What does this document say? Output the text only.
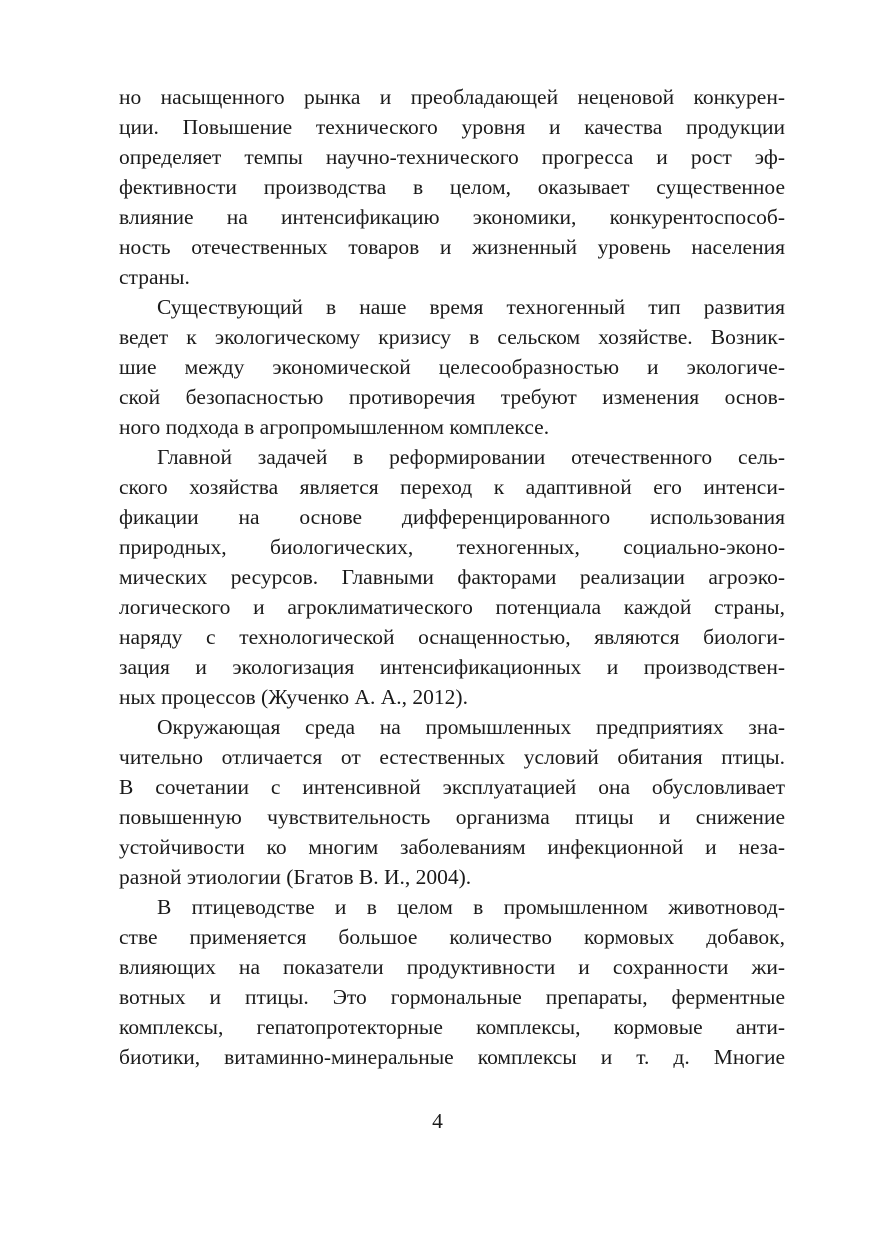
но насыщенного рынка и преобладающей неценовой конкурен-
ции. Повышение технического уровня и качества продукции
определяет темпы научно-технического прогресса и рост эф-
фективности производства в целом, оказывает существенное
влияние на интенсификацию экономики, конкурентоспособ-
ность отечественных товаров и жизненный уровень населения
страны.
Существующий в наше время техногенный тип развития
ведет к экологическому кризису в сельском хозяйстве. Возник-
шие между экономической целесообразностью и экологиче-
ской безопасностью противоречия требуют изменения основ-
ного подхода в агропромышленном комплексе.
Главной задачей в реформировании отечественного сель-
ского хозяйства является переход к адаптивной его интенси-
фикации на основе дифференцированного использования
природных, биологических, техногенных, социально-эконо-
мических ресурсов. Главными факторами реализации агроэко-
логического и агроклиматического потенциала каждой страны,
наряду с технологической оснащенностью, являются биологи-
зация и экологизация интенсификационных и производствен-
ных процессов (Жученко А. А., 2012).
Окружающая среда на промышленных предприятиях зна-
чительно отличается от естественных условий обитания птицы.
В сочетании с интенсивной эксплуатацией она обусловливает
повышенную чувствительность организма птицы и снижение
устойчивости ко многим заболеваниям инфекционной и неза-
разной этиологии (Бгатов В. И., 2004).
В птицеводстве и в целом в промышленном животновод-
стве применяется большое количество кормовых добавок,
влияющих на показатели продуктивности и сохранности жи-
вотных и птицы. Это гормональные препараты, ферментные
комплексы, гепатопротекторные комплексы, кормовые анти-
биотики, витаминно-минеральные комплексы и т. д. Многие
4
